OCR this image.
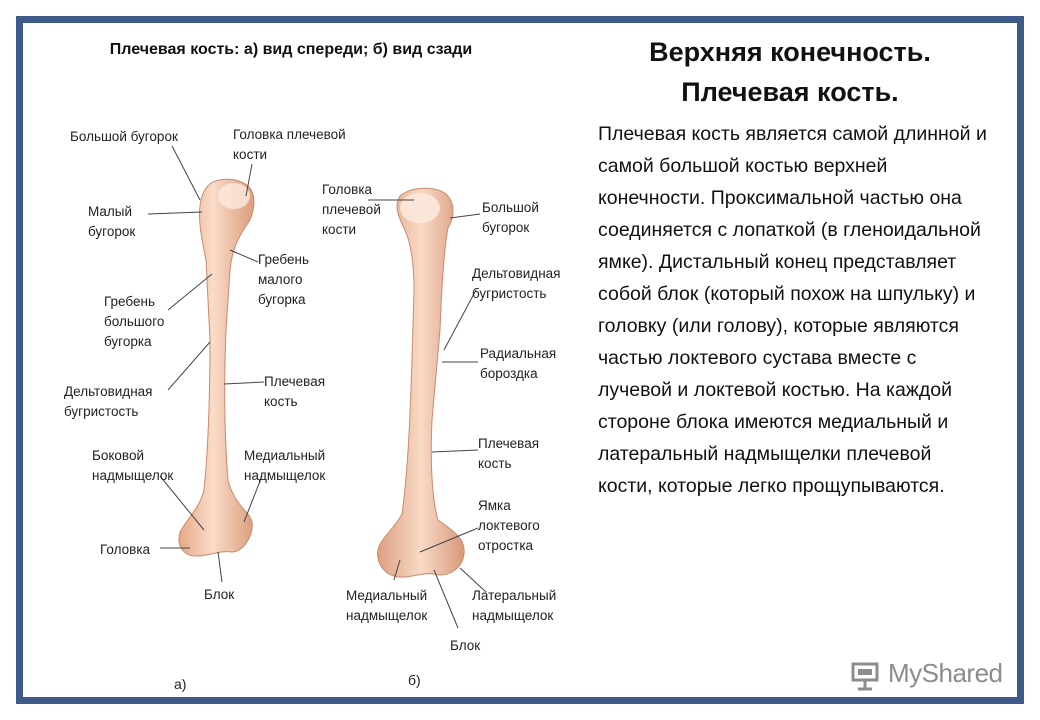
Плечевая кость: а) вид спереди; б) вид сзади	Верхняя конечность. Плечевая кость.
Плечевая кость является самой длинной и самой большой костью верхней конечности. Проксимальной частью она соединяется с лопаткой (в гленоидальной ямке). Дистальный конец представляет собой блок (который похож на шпульку) и головку (или голову), которые являются частью локтевого сустава вместе с лучевой и локтевой костью. На каждой стороне блока имеются медиальный и латеральный надмыщелки плечевой кости, которые легко прощупываются.
Большой бугорок	Головка плечевой
кости
Малый
бугорок
Гребень
малого
бугорка
Гребень
большого
бугорка
Дельтовидная
бугристость
Плечевая
кость
Боковой
надмыщелок
Медиальный
надмыщелок
Головка
Блок
а)
Головка
плечевой
кости
Большой
бугорок
Дельтовидная
бугристость
Радиальная
бороздка
Плечевая
кость
Ямка
локтевого
отростка
Медиальный
надмыщелок
Латеральный
надмыщелок
Блок
б)	MyShared
